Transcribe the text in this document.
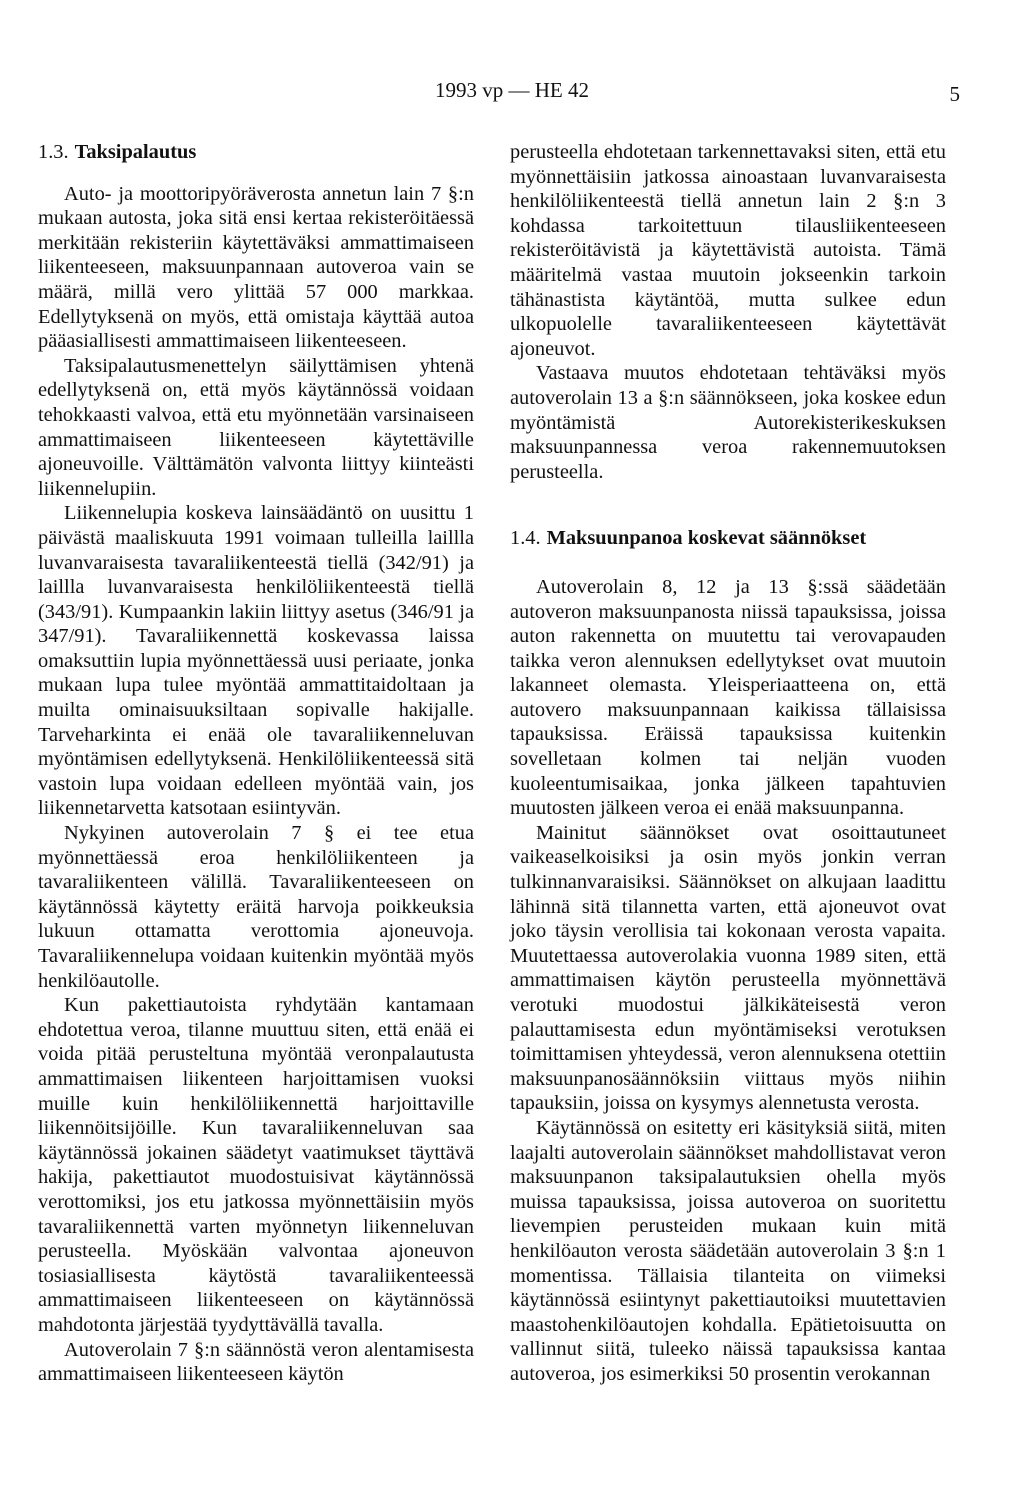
1993 vp — HE 42	5
1.3. Taksipalautus

Auto- ja moottoripyöräverosta annetun lain 7 §:n mukaan autosta, joka sitä ensi kertaa rekisteröitäessä merkitään rekisteriin käytettäväksi ammattimaiseen liikenteeseen, maksuunpannaan autoveroa vain se määrä, millä vero ylittää 57 000 markkaa. Edellytyksenä on myös, että omistaja käyttää autoa pääasiallisesti ammattimaiseen liikenteeseen.

Taksipalautusmenettelyn säilyttämisen yhtenä edellytyksenä on, että myös käytännössä voidaan tehokkaasti valvoa, että etu myönnetään varsinaiseen ammattimaiseen liikenteeseen käytettäville ajoneuvoille. Välttämätön valvonta liittyy kiinteästi liikennelupiin.

Liikennelupia koskeva lainsäädäntö on uusittu 1 päivästä maaliskuuta 1991 voimaan tulleilla laillla luvanvaraisesta tavaraliikenteestä tiellä (342/91) ja laillla luvanvaraisesta henkilöliikenteestä tiellä (343/91). Kumpaankin lakiin liittyy asetus (346/91 ja 347/91). Tavaraliikennettä koskevassa laissa omaksuttiin lupia myönnettäessä uusi periaate, jonka mukaan lupa tulee myöntää ammattitaidoltaan ja muilta ominaisuuksiltaan sopivalle hakijalle. Tarveharkinta ei enää ole tavaraliikenneluvan myöntämisen edellytyksenä. Henkilöliikenteessä sitä vastoin lupa voidaan edelleen myöntää vain, jos liikennetarvetta katsotaan esiintyvän.

Nykyinen autoverolain 7 § ei tee etua myönnettäessä eroa henkilöliikenteen ja tavaraliikenteen välillä. Tavaraliikenteeseen on käytännössä käytetty eräitä harvoja poikkeuksia lukuun ottamatta verottomia ajoneuvoja. Tavaraliikennelupa voidaan kuitenkin myöntää myös henkilöautolle.

Kun pakettiautoista ryhdytään kantamaan ehdotettua veroa, tilanne muuttuu siten, että enää ei voida pitää perusteltuna myöntää veronpalautusta ammattimaisen liikenteen harjoittamisen vuoksi muille kuin henkilöliikennettä harjoittaville liikennöitsijöille. Kun tavaraliikenneluvan saa käytännössä jokainen säädetyt vaatimukset täyttävä hakija, pakettiautot muodostuisivat käytännössä verottomiksi, jos etu jatkossa myönnettäisiin myös tavaraliikennettä varten myönnetyn liikenneluvan perusteella. Myöskään valvontaa ajoneuvon tosiasiallisesta käytöstä tavaraliikenteessä ammattimaiseen liikenteeseen on käytännössä mahdotonta järjestää tyydyttävällä tavalla.

Autoverolain 7 §:n säännöstä veron alentamisesta ammattimaiseen liikenteeseen käytön

perusteella ehdotetaan tarkennettavaksi siten, että etu myönnettäisiin jatkossa ainoastaan luvanvaraisesta henkilöliikenteestä tiellä annetun lain 2 §:n 3 kohdassa tarkoitettuun tilausliikenteeseen rekisteröitävistä ja käytettävistä autoista. Tämä määritelmä vastaa muutoin jokseenkin tarkoin tähänastista käytäntöä, mutta sulkee edun ulkopuolelle tavaraliikenteeseen käytettävät ajoneuvot.

Vastaava muutos ehdotetaan tehtäväksi myös autoverolain 13 a §:n säännökseen, joka koskee edun myöntämistä Autorekisterikeskuksen maksuunpannessa veroa rakennemuutoksen perusteella.

1.4. Maksuunpanoa koskevat säännökset

Autoverolain 8, 12 ja 13 §:ssä säädetään autoveron maksuunpanosta niissä tapauksissa, joissa auton rakennetta on muutettu tai verovapauden taikka veron alennuksen edellytykset ovat muutoin lakanneet olemasta. Yleisperiaatteena on, että autovero maksuunpannaan kaikissa tällaisissa tapauksissa. Eräissä tapauksissa kuitenkin sovelletaan kolmen tai neljän vuoden kuoleentumisaikaa, jonka jälkeen tapahtuvien muutosten jälkeen veroa ei enää maksuunpanna.

Mainitut säännökset ovat osoittautuneet vaikeaselkoisiksi ja osin myös jonkin verran tulkinnanvaraisiksi. Säännökset on alkujaan laadittu lähinnä sitä tilannetta varten, että ajoneuvot ovat joko täysin verollisia tai kokonaan verosta vapaita. Muutettaessa autoverolakia vuonna 1989 siten, että ammattimaisen käytön perusteella myönnettävä verotuki muodostui jälkikäteisestä veron palauttamisesta edun myöntämiseksi verotuksen toimittamisen yhteydessä, veron alennuksena otettiin maksuunpanosäännöksiin viittaus myös niihin tapauksiin, joissa on kysymys alennetusta verosta.

Käytännössä on esitetty eri käsityksiä siitä, miten laajalti autoverolain säännökset mahdollistavat veron maksuunpanon taksipalautuksien ohella myös muissa tapauksissa, joissa autoveroa on suoritettu lievempien perusteiden mukaan kuin mitä henkilöauton verosta säädetään autoverolain 3 §:n 1 momentissa. Tällaisia tilanteita on viimeksi käytännössä esiintynyt pakettiautoiksi muutettavien maastohenkilöautojen kohdalla. Epätietoisuutta on vallinnut siitä, tuleeko näissä tapauksissa kantaa autoveroa, jos esimerkiksi 50 prosentin verokannan
